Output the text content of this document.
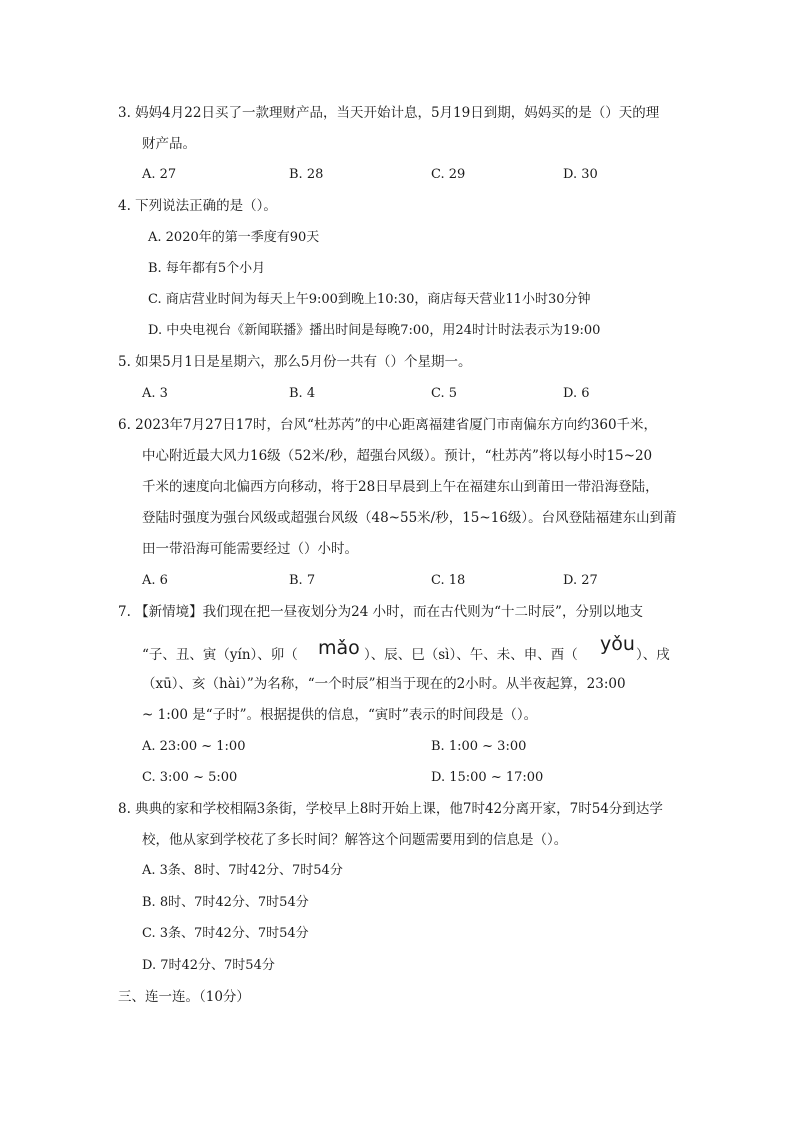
3. 妈妈4月22日买了一款理财产品，当天开始计息，5月19日到期，妈妈买的是（）天的理
财产品。
A. 27	B. 28	C. 29	D. 30
4. 下列说法正确的是（）。
A. 2020年的第一季度有90天
B. 每年都有5个小月
C. 商店营业时间为每天上午9:00到晚上10:30，商店每天营业11小时30分钟
D. 中央电视台《新闻联播》播出时间是每晚7:00，用24时计时法表示为19:00
5. 如果5月1日是星期六，那么5月份一共有（）个星期一。
A. 3	B. 4	C. 5	D. 6
6. 2023年7月27日17时，台风“杜苏芮”的中心距离福建省厦门市南偏东方向约360千米，
中心附近最大风力16级（52米/秒，超强台风级）。预计，“杜苏芮”将以每小时15~20
千米的速度向北偏西方向移动，将于28日早晨到上午在福建东山到莆田一带沿海登陆，
登陆时强度为强台风级或超强台风级（48~55米/秒，15~16级）。台风登陆福建东山到莆
田一带沿海可能需要经过（）小时。
A. 6	B. 7	C. 18	D. 27
7. 【新情境】我们现在把一昼夜划分为24 小时，而在古代则为“十二时辰”，分别以地支
“子、丑、寅（yín）、卯（ mǎo ）、辰、巳（sì）、午、未、申、酉（ yǒu ）、戌
（xū）、亥（hài）”为名称，“一个时辰”相当于现在的2小时。从半夜起算，23:00
~ 1:00 是“子时”。根据提供的信息，“寅时”表示的时间段是（）。
A. 23:00 ~ 1:00	B. 1:00 ~ 3:00
C. 3:00 ~ 5:00	D. 15:00 ~ 17:00
8. 典典的家和学校相隔3条街，学校早上8时开始上课，他7时42分离开家，7时54分到达学
校，他从家到学校花了多长时间？解答这个问题需要用到的信息是（）。
A. 3条、8时、7时42分、7时54分
B. 8时、7时42分、7时54分
C. 3条、7时42分、7时54分
D. 7时42分、7时54分
三、连一连。（10分）
